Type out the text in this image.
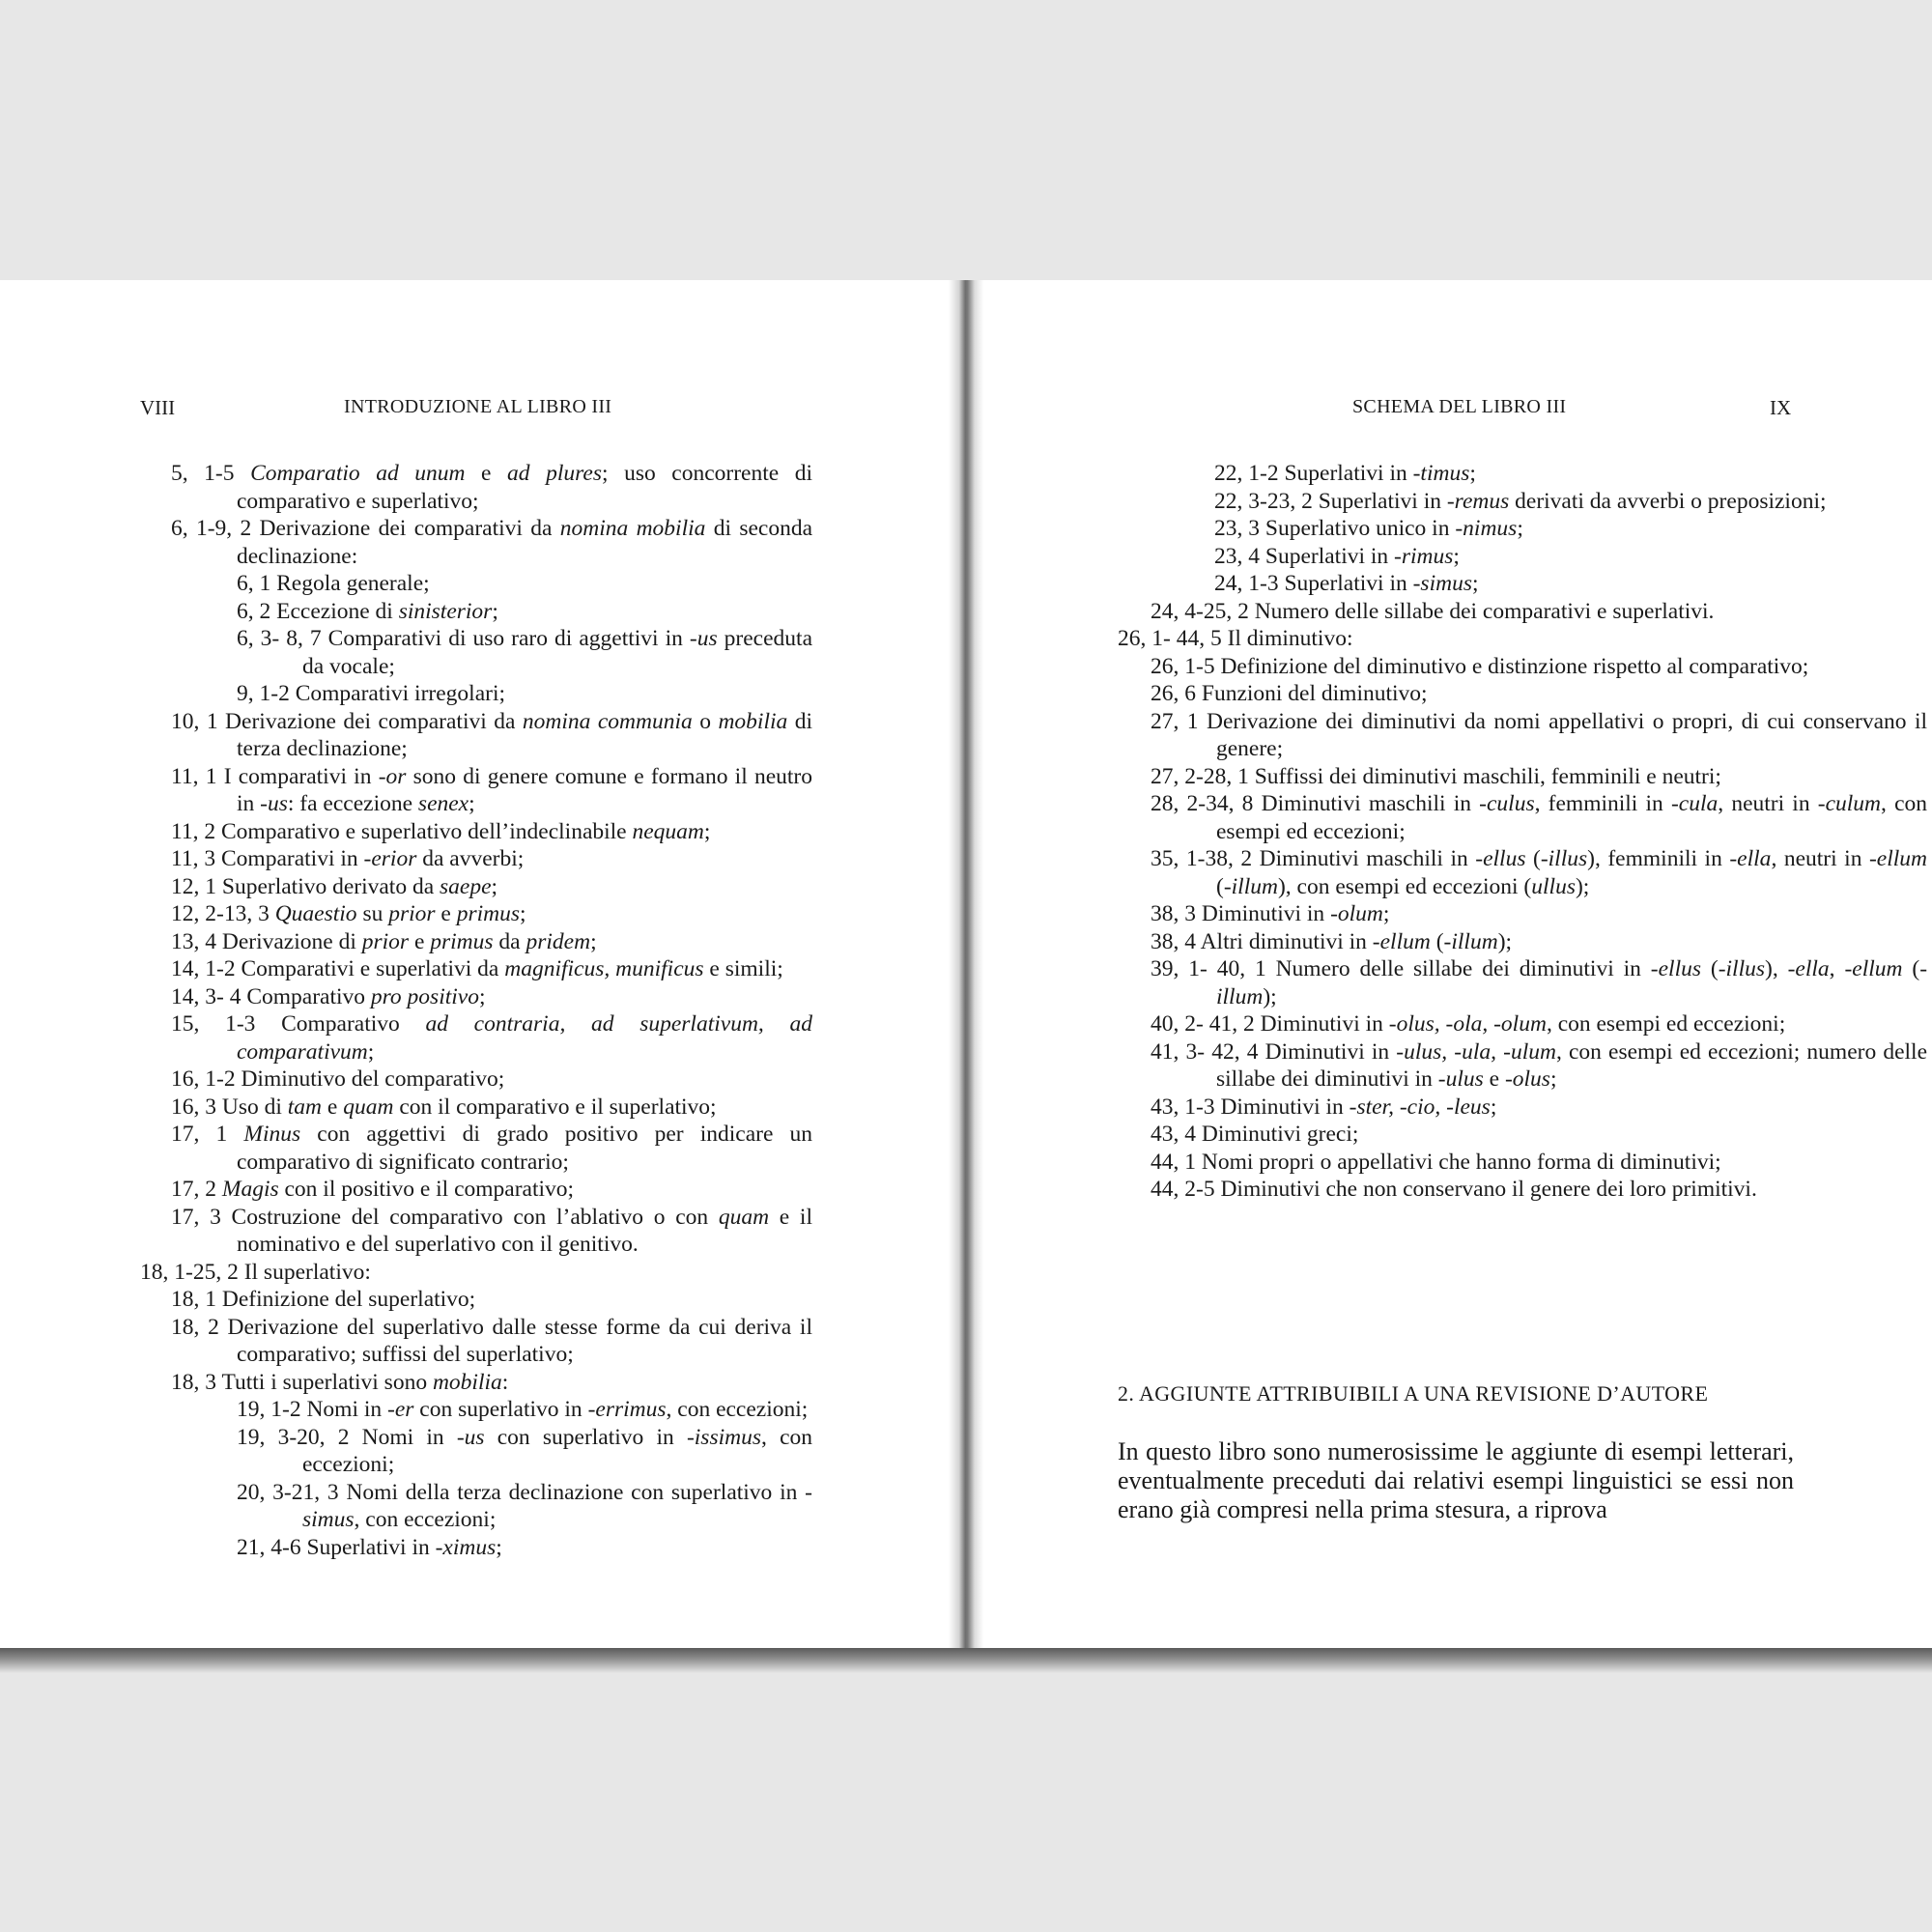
VIII	INTRODUZIONE AL LIBRO III
5, 1-5 Comparatio ad unum e ad plures; uso concorrente di comparativo e superlativo;
6, 1-9, 2 Derivazione dei comparativi da nomina mobilia di seconda declinazione:
6, 1 Regola generale;
6, 2 Eccezione di sinisterior;
6, 3- 8, 7 Comparativi di uso raro di aggettivi in -us preceduta da vocale;
9, 1-2 Comparativi irregolari;
10, 1 Derivazione dei comparativi da nomina communia o mobilia di terza declinazione;
11, 1 I comparativi in -or sono di genere comune e formano il neutro in -us: fa eccezione senex;
11, 2 Comparativo e superlativo dell’indeclinabile nequam;
11, 3 Comparativi in -erior da avverbi;
12, 1 Superlativo derivato da saepe;
12, 2-13, 3 Quaestio su prior e primus;
13, 4 Derivazione di prior e primus da pridem;
14, 1-2 Comparativi e superlativi da magnificus, munificus e simili;
14, 3- 4 Comparativo pro positivo;
15, 1-3 Comparativo ad contraria, ad superlativum, ad comparativum;
16, 1-2 Diminutivo del comparativo;
16, 3 Uso di tam e quam con il comparativo e il superlativo;
17, 1 Minus con aggettivi di grado positivo per indicare un comparativo di significato contrario;
17, 2 Magis con il positivo e il comparativo;
17, 3 Costruzione del comparativo con l’ablativo o con quam e il nominativo e del superlativo con il genitivo.
18, 1-25, 2 Il superlativo:
18, 1 Definizione del superlativo;
18, 2 Derivazione del superlativo dalle stesse forme da cui deriva il comparativo; suffissi del superlativo;
18, 3 Tutti i superlativi sono mobilia:
19, 1-2 Nomi in -er con superlativo in -errimus, con eccezioni;
19, 3-20, 2 Nomi in -us con superlativo in -issimus, con eccezioni;
20, 3-21, 3 Nomi della terza declinazione con superlativo in -simus, con eccezioni;
21, 4-6 Superlativi in -ximus;
SCHEMA DEL LIBRO III	IX
22, 1-2 Superlativi in -timus;
22, 3-23, 2 Superlativi in -remus derivati da avverbi o preposizioni;
23, 3 Superlativo unico in -nimus;
23, 4 Superlativi in -rimus;
24, 1-3 Superlativi in -simus;
24, 4-25, 2 Numero delle sillabe dei comparativi e superlativi.
26, 1- 44, 5 Il diminutivo:
26, 1-5 Definizione del diminutivo e distinzione rispetto al comparativo;
26, 6 Funzioni del diminutivo;
27, 1 Derivazione dei diminutivi da nomi appellativi o propri, di cui conservano il genere;
27, 2-28, 1 Suffissi dei diminutivi maschili, femminili e neutri;
28, 2-34, 8 Diminutivi maschili in -culus, femminili in -cula, neutri in -culum, con esempi ed eccezioni;
35, 1-38, 2 Diminutivi maschili in -ellus (-illus), femminili in -ella, neutri in -ellum (-illum), con esempi ed eccezioni (ullus);
38, 3 Diminutivi in -olum;
38, 4 Altri diminutivi in -ellum (-illum);
39, 1- 40, 1 Numero delle sillabe dei diminutivi in -ellus (-illus), -ella, -ellum (-illum);
40, 2- 41, 2 Diminutivi in -olus, -ola, -olum, con esempi ed eccezioni;
41, 3- 42, 4 Diminutivi in -ulus, -ula, -ulum, con esempi ed eccezioni; numero delle sillabe dei diminutivi in -ulus e -olus;
43, 1-3 Diminutivi in -ster, -cio, -leus;
43, 4 Diminutivi greci;
44, 1 Nomi propri o appellativi che hanno forma di diminutivi;
44, 2-5 Diminutivi che non conservano il genere dei loro primitivi.
2. AGGIUNTE ATTRIBUIBILI A UNA REVISIONE D’AUTORE
In questo libro sono numerosissime le aggiunte di esempi letterari, eventualmente preceduti dai relativi esempi linguistici se essi non erano già compresi nella prima stesura, a riprova
